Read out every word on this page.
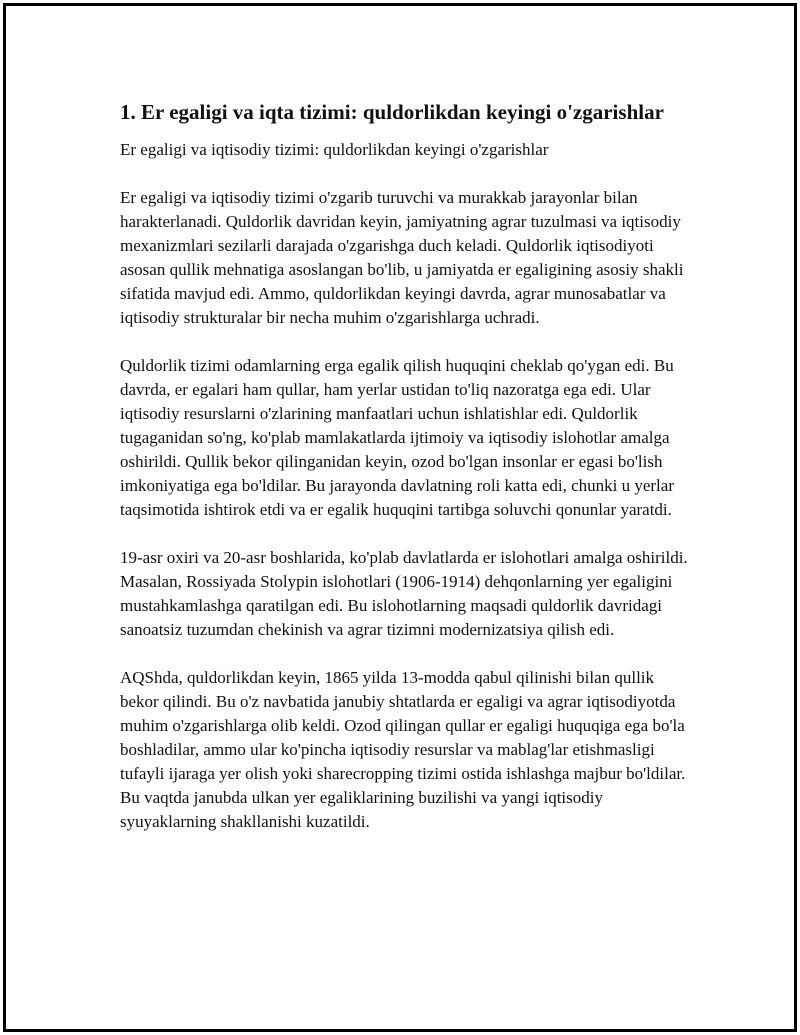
1. Er egaligi va iqta tizimi: quldorlikdan keyingi o'zgarishlar
Er egaligi va iqtisodiy tizimi: quldorlikdan keyingi o'zgarishlar

Er egaligi va iqtisodiy tizimi o'zgarib turuvchi va murakkab jarayonlar bilan harakterlanadi. Quldorlik davridan keyin, jamiyatning agrar tuzulmasi va iqtisodiy mexanizmlari sezilarli darajada o'zgarishga duch keladi. Quldorlik iqtisodiyoti asosan qullik mehnatiga asoslangan bo'lib, u jamiyatda er egaligining asosiy shakli sifatida mavjud edi. Ammo, quldorlikdan keyingi davrda, agrar munosabatlar va iqtisodiy strukturalar bir necha muhim o'zgarishlarga uchradi.

Quldorlik tizimi odamlarning erga egalik qilish huquqini cheklab qo'ygan edi. Bu davrda, er egalari ham qullar, ham yerlar ustidan to'liq nazoratga ega edi. Ular iqtisodiy resurslarni o'zlarining manfaatlari uchun ishlatishlar edi. Quldorlik tugaganidan so'ng, ko'plab mamlakatlarda ijtimoiy va iqtisodiy islohotlar amalga oshirildi. Qullik bekor qilinganidan keyin, ozod bo'lgan insonlar er egasi bo'lish imkoniyatiga ega bo'ldilar. Bu jarayonda davlatning roli katta edi, chunki u yerlar taqsimotida ishtirok etdi va er egalik huquqini tartibga soluvchi qonunlar yaratdi.

19-asr oxiri va 20-asr boshlarida, ko'plab davlatlarda er islohotlari amalga oshirildi. Masalan, Rossiyada Stolypin islohotlari (1906-1914) dehqonlarning yer egaligini mustahkamlashga qaratilgan edi. Bu islohotlarning maqsadi quldorlik davridagi sanoatsiz tuzumdan chekinish va agrar tizimni modernizatsiya qilish edi.

AQShda, quldorlikdan keyin, 1865 yilda 13-modda qabul qilinishi bilan qullik bekor qilindi. Bu o'z navbatida janubiy shtatlarda er egaligi va agrar iqtisodiyotda muhim o'zgarishlarga olib keldi. Ozod qilingan qullar er egaligi huquqiga ega bo'la boshladilar, ammo ular ko'pincha iqtisodiy resurslar va mablag'lar etishmasligi tufayli ijaraga yer olish yoki sharecropping tizimi ostida ishlashga majbur bo'ldilar. Bu vaqtda janubda ulkan yer egaliklarining buzilishi va yangi iqtisodiy syuyaklarning shakllanishi kuzatildi.
